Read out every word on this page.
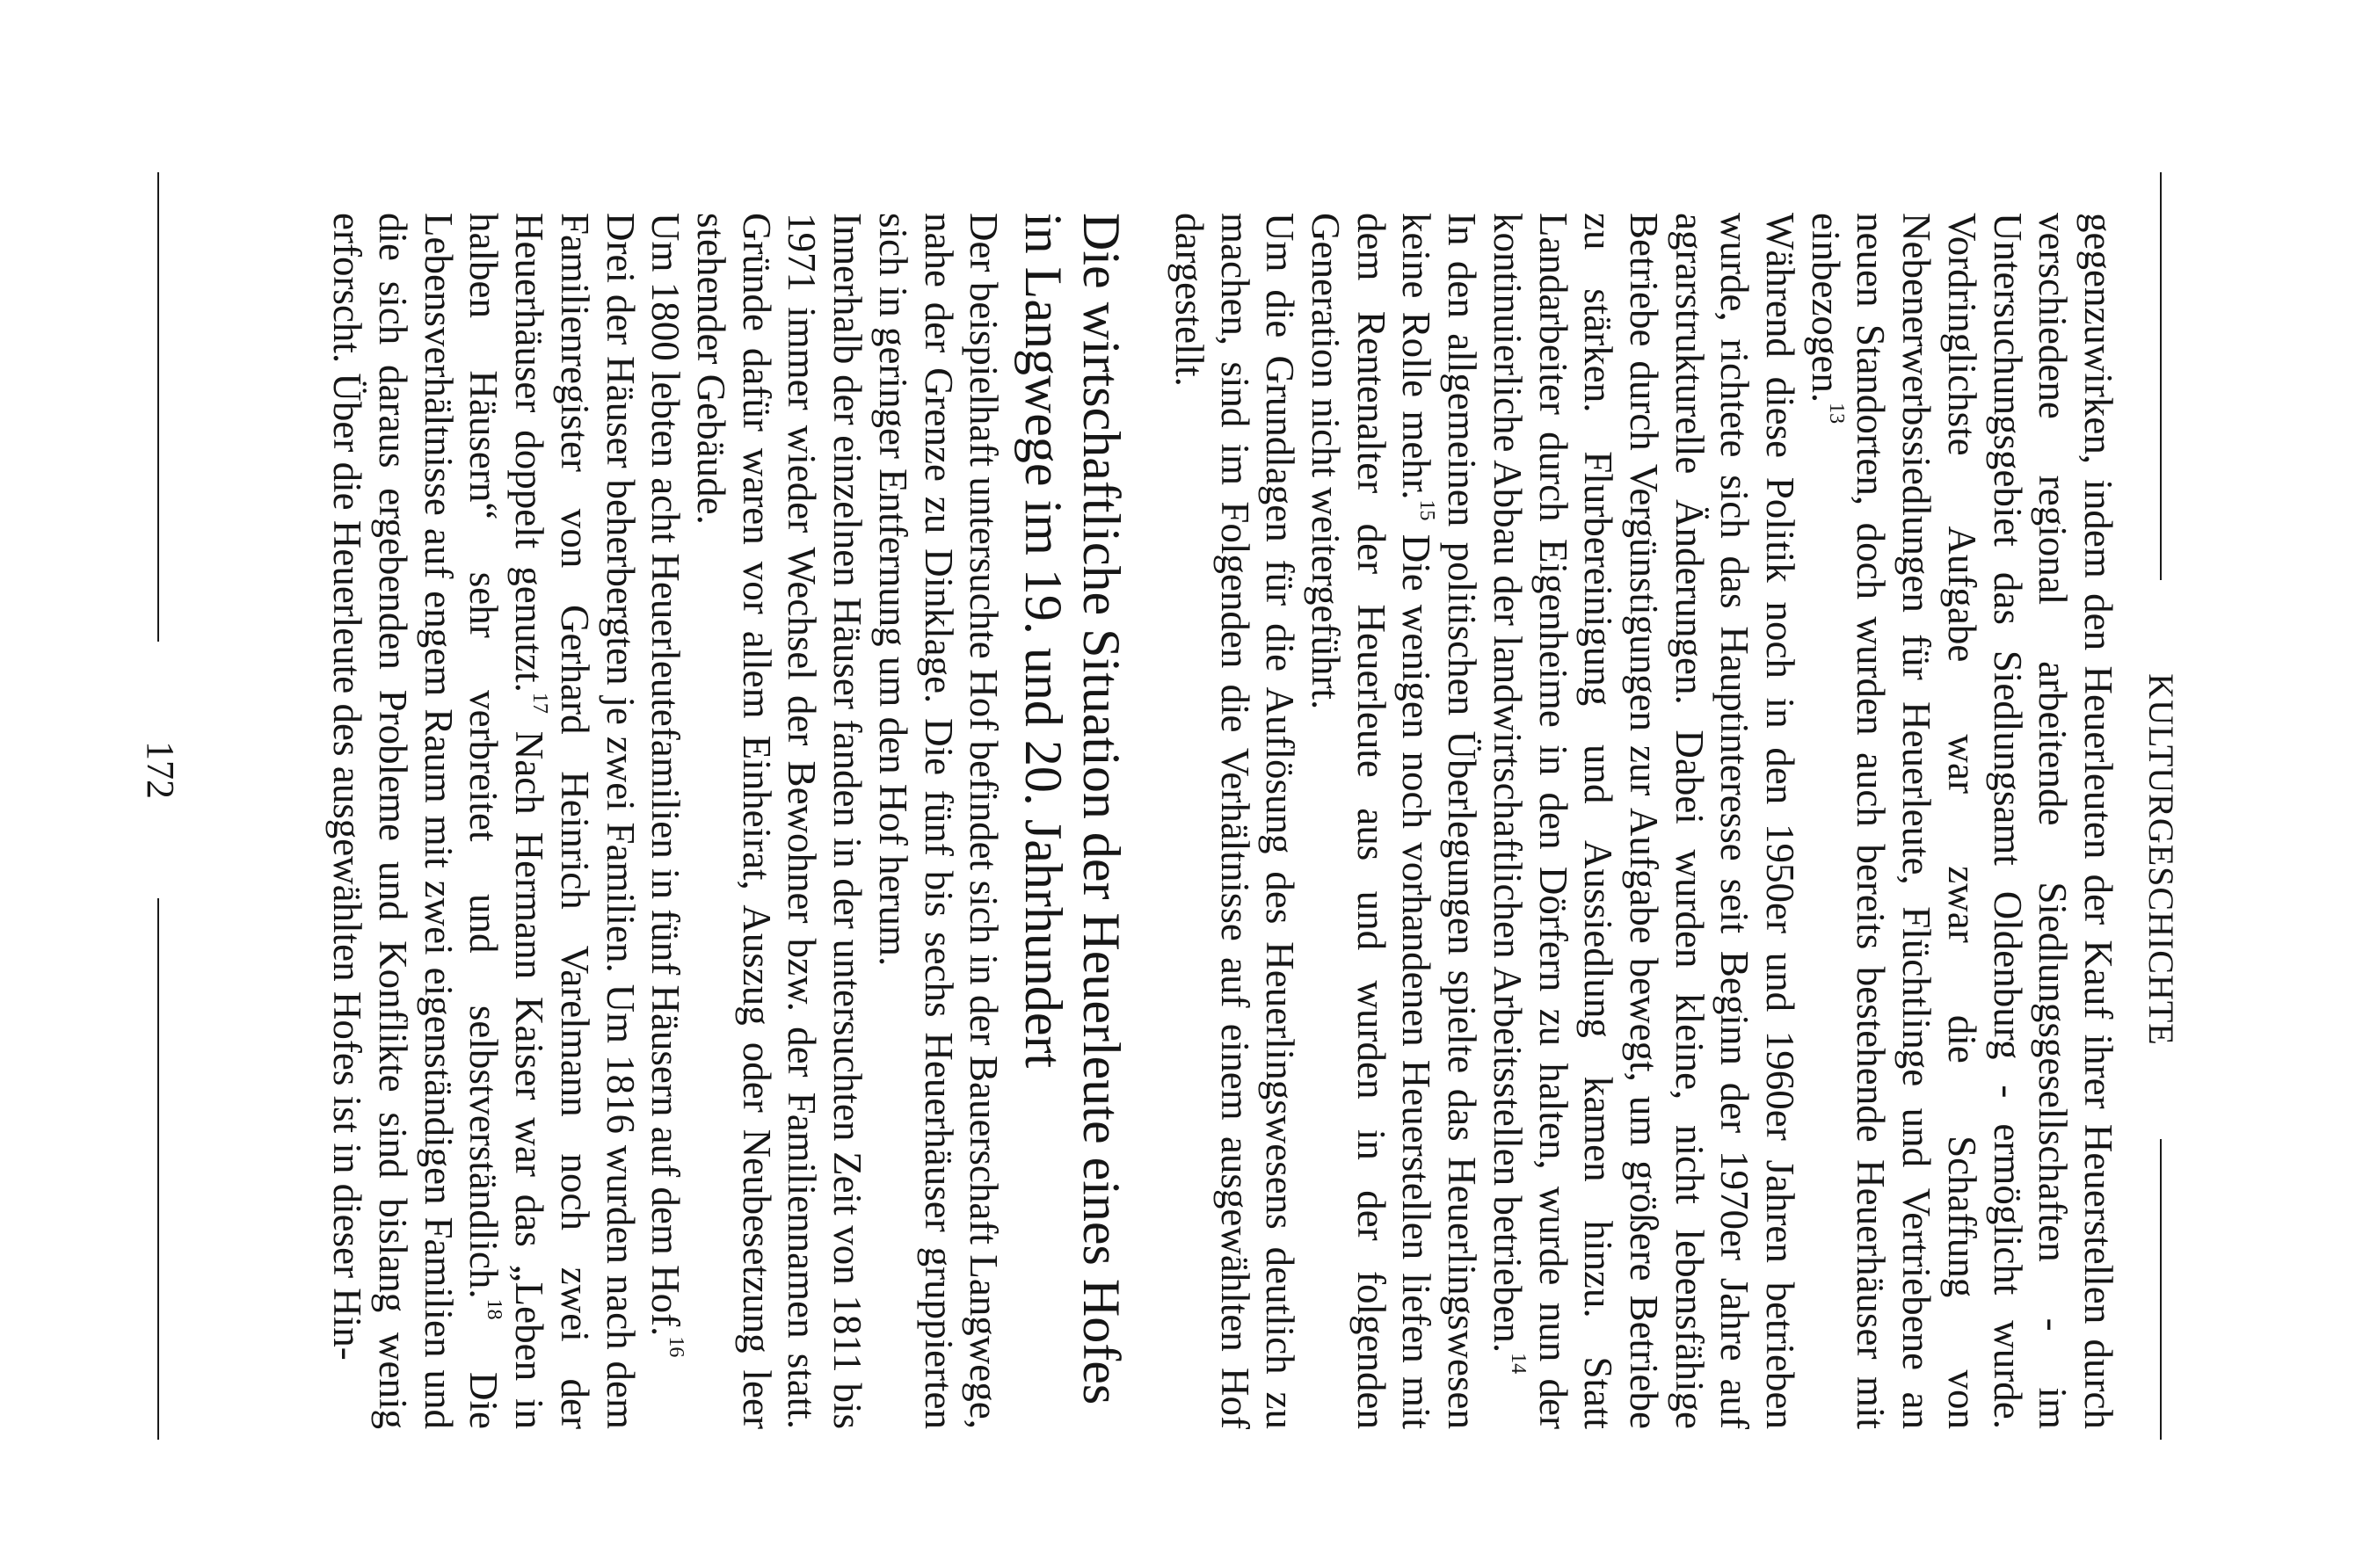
KULTURGESCHICHTE

gegenzuwirken, indem den Heuerleuten der Kauf ihrer Heuerstellen durch verschiedene regional arbeitende Siedlungsgesellschaften - im Untersuchungsgebiet das Siedlungsamt Oldenburg - ermöglicht wurde. Vordringlichste Aufgabe war zwar die Schaffung von Nebenerwerbssiedlungen für Heuerleute, Flüchtlinge und Vertriebene an neuen Standorten, doch wurden auch bereits bestehende Heuerhäuser mit einbezogen.$^{13}$

Während diese Politik noch in den 1950er und 1960er Jahren betrieben wurde, richtete sich das Hauptinteresse seit Beginn der 1970er Jahre auf agrarstrukturelle Änderungen. Dabei wurden kleine, nicht lebensfähige Betriebe durch Vergünstigungen zur Aufgabe bewegt, um größere Betriebe zu stärken. Flurbereinigung und Aussiedlung kamen hinzu. Statt Landarbeiter durch Eigenheime in den Dörfern zu halten, wurde nun der kontinuierliche Abbau der landwirtschaftlichen Arbeitsstellen betrieben.$^{14}$

In den allgemeinen politischen Überlegungen spielte das Heuerlingswesen keine Rolle mehr.$^{15}$ Die wenigen noch vorhandenen Heuerstellen liefen mit dem Rentenalter der Heuerleute aus und wurden in der folgenden Generation nicht weitergeführt.

Um die Grundlagen für die Auflösung des Heuerlingswesens deutlich zu machen, sind im Folgenden die Verhältnisse auf einem ausgewählten Hof dargestellt.

Die wirtschaftliche Situation der Heuerleute eines Hofes in Langwege im 19. und 20. Jahrhundert

Der beispielhaft untersuchte Hof befindet sich in der Bauerschaft Langwege, nahe der Grenze zu Dinklage. Die fünf bis sechs Heuerhäuser gruppierten sich in geringer Entfernung um den Hof herum.

Innerhalb der einzelnen Häuser fanden in der untersuchten Zeit von 1811 bis 1971 immer wieder Wechsel der Bewohner bzw. der Familiennamen statt. Gründe dafür waren vor allem Einheirat, Auszug oder Neubesetzung leer stehender Gebäude.

Um 1800 lebten acht Heuerleutefamilien in fünf Häusern auf dem Hof.$^{16}$

Drei der Häuser beherbergten je zwei Familien. Um 1816 wurden nach dem Familienregister von Gerhard Heinrich Varelmann noch zwei der Heuerhäuser doppelt genutzt.$^{17}$ Nach Hermann Kaiser war das „Leben in halben Häusern“ sehr verbreitet und selbstverständlich.$^{18}$ Die Lebensverhältnisse auf engem Raum mit zwei eigenständigen Familien und die sich daraus ergebenden Probleme und Konflikte sind bislang wenig erforscht. Über die Heuerleute des ausgewählten Hofes ist in dieser Hin-

172
